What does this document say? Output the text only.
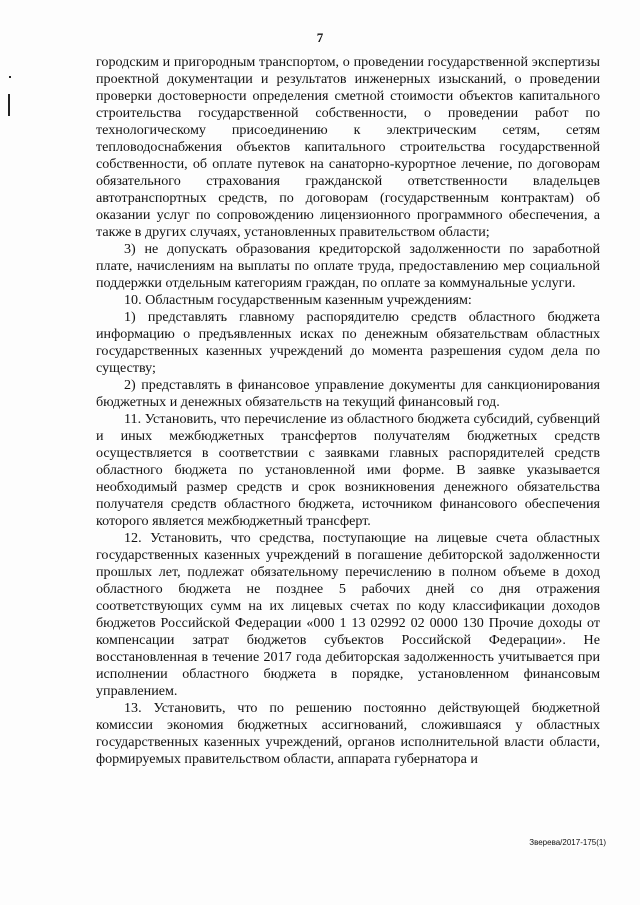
7

городским и пригородным транспортом, о проведении государственной экспертизы проектной документации и результатов инженерных изысканий, о проведении проверки достоверности определения сметной стоимости объектов капитального строительства государственной собственности, о проведении работ по технологическому присоединению к электрическим сетям, сетям тепловодоснабжения объектов капитального строительства государственной собственности, об оплате путевок на санаторно-курортное лечение, по договорам обязательного страхования гражданской ответственности владельцев автотранспортных средств, по договорам (государственным контрактам) об оказании услуг по сопровождению лицензионного программного обеспечения, а также в других случаях, установленных правительством области;

3) не допускать образования кредиторской задолженности по заработной плате, начислениям на выплаты по оплате труда, предоставлению мер социальной поддержки отдельным категориям граждан, по оплате за коммунальные услуги.

10. Областным государственным казенным учреждениям:

1) представлять главному распорядителю средств областного бюджета информацию о предъявленных исках по денежным обязательствам областных государственных казенных учреждений до момента разрешения судом дела по существу;

2) представлять в финансовое управление документы для санкционирования бюджетных и денежных обязательств на текущий финансовый год.

11. Установить, что перечисление из областного бюджета субсидий, субвенций и иных межбюджетных трансфертов получателям бюджетных средств осуществляется в соответствии с заявками главных распорядителей средств областного бюджета по установленной ими форме. В заявке указывается необходимый размер средств и срок возникновения денежного обязательства получателя средств областного бюджета, источником финансового обеспечения которого является межбюджетный трансферт.

12. Установить, что средства, поступающие на лицевые счета областных государственных казенных учреждений в погашение дебиторской задолженности прошлых лет, подлежат обязательному перечислению в полном объеме в доход областного бюджета не позднее 5 рабочих дней со дня отражения соответствующих сумм на их лицевых счетах по коду классификации доходов бюджетов Российской Федерации «000 1 13 02992 02 0000 130 Прочие доходы от компенсации затрат бюджетов субъектов Российской Федерации». Не восстановленная в течение 2017 года дебиторская задолженность учитывается при исполнении областного бюджета в порядке, установленном финансовым управлением.

13. Установить, что по решению постоянно действующей бюджетной комиссии экономия бюджетных ассигнований, сложившаяся у областных государственных казенных учреждений, органов исполнительной власти области, формируемых правительством области, аппарата губернатора и

Зверева/2017-175(1)
